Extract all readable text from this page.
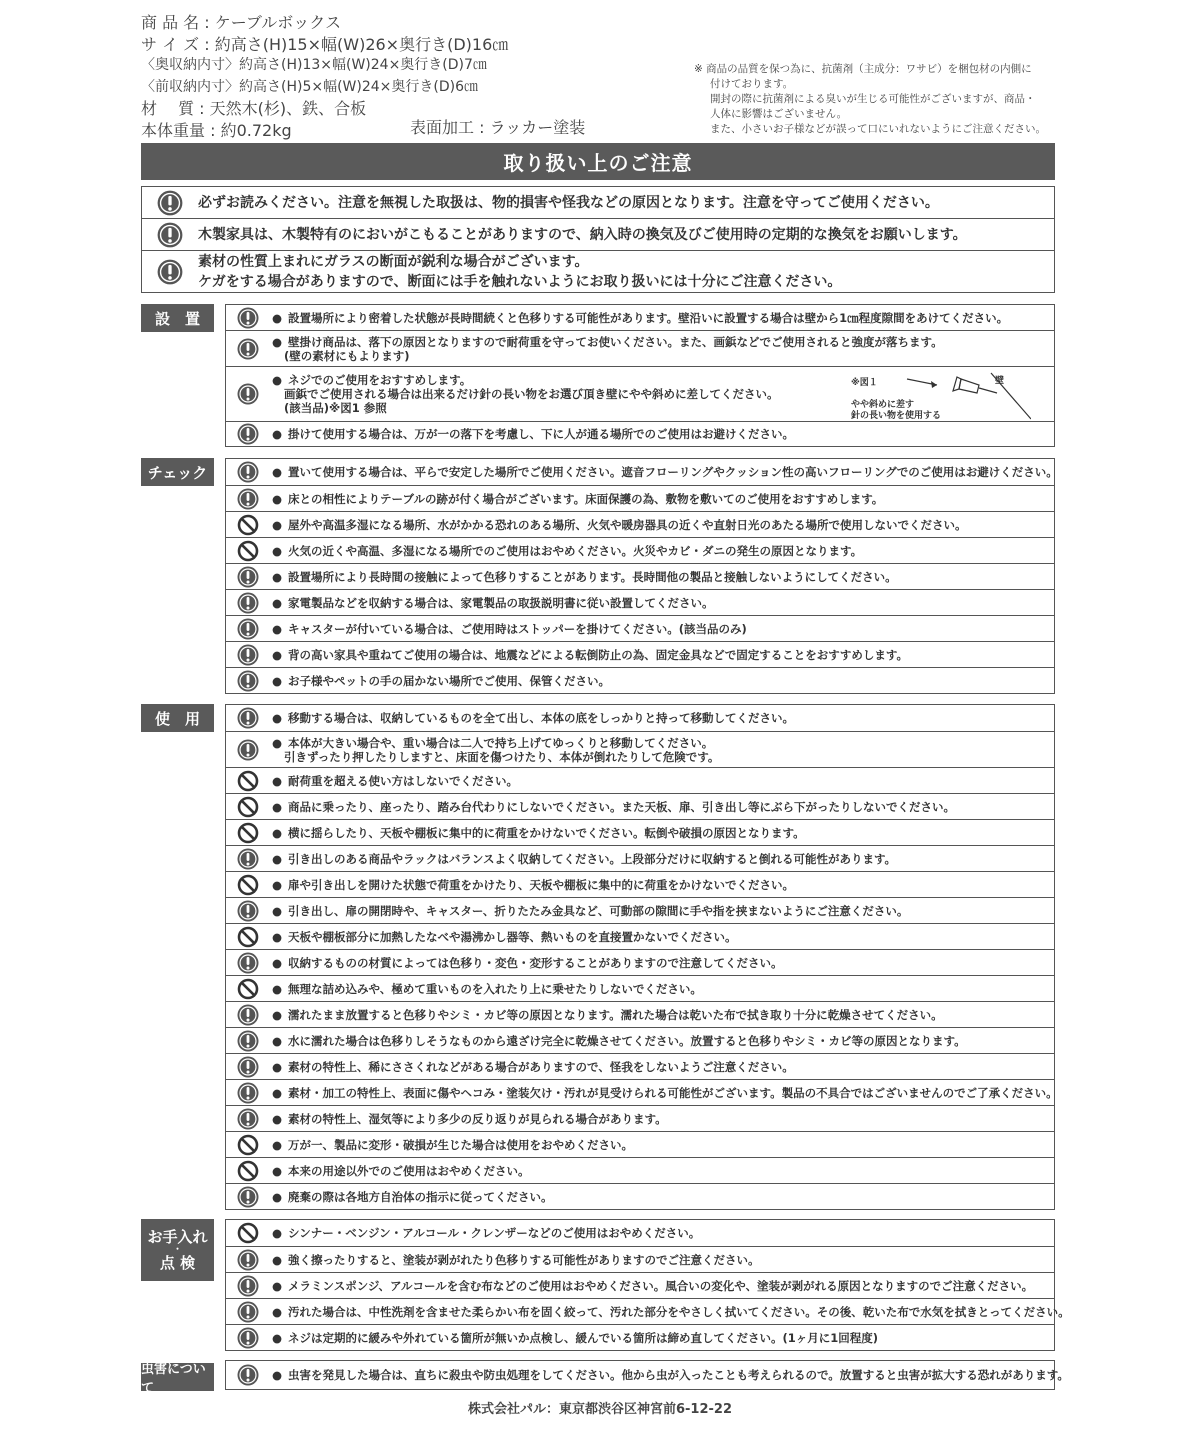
商 品 名 : ケーブルボックス
サ イ ズ : 約高さ(H)15×幅(W)26×奥行き(D)16㎝
〈奥収納内寸〉約高さ(H)13×幅(W)24×奥行き(D)7㎝
〈前収納内寸〉約高さ(H)5×幅(W)24×奥行き(D)6㎝
材　 質 : 天然木(杉)、鉄、合板
本体重量 : 約0.72kg	表面加工 : ラッカー塗装
※ 商品の品質を保つ為に、抗菌剤（主成分：ワサビ）を梱包材の内側に
付けております。
開封の際に抗菌剤による臭いが生じる可能性がございますが、商品・
人体に影響はございません。
また、小さいお子様などが誤って口にいれないようにご注意ください。
取り扱い上のご注意
必ずお読みください。注意を無視した取扱は、物的損害や怪我などの原因となります。注意を守ってご使用ください。
木製家具は、木製特有のにおいがこもることがありますので、納入時の換気及びご使用時の定期的な換気をお願いします。
素材の性質上まれにガラスの断面が鋭利な場合がございます。
ケガをする場合がありますので、断面には手を触れないようにお取り扱いには十分にご注意ください。
設　置	● 設置場所により密着した状態が長時間続くと色移りする可能性があります。壁沿いに設置する場合は壁から1㎝程度隙間をあけてください。
● 壁掛け商品は、落下の原因となりますので耐荷重を守ってお使いください。また、画鋲などでご使用されると強度が落ちます。
(壁の素材にもよります)
● ネジでのご使用をおすすめします。
画鋲でご使用される場合は出来るだけ針の長い物をお選び頂き壁にやや斜めに差してください。
(該当品)※図1 参照
※図１	壁
やや斜めに差す
針の長い物を使用する
● 掛けて使用する場合は、万が一の落下を考慮し、下に人が通る場所でのご使用はお避けください。
チェック	● 置いて使用する場合は、平らで安定した場所でご使用ください。遮音フローリングやクッション性の高いフローリングでのご使用はお避けください。
● 床との相性によりテーブルの跡が付く場合がございます。床面保護の為、敷物を敷いてのご使用をおすすめします。
● 屋外や高温多湿になる場所、水がかかる恐れのある場所、火気や暖房器具の近くや直射日光のあたる場所で使用しないでください。
● 火気の近くや高温、多湿になる場所でのご使用はおやめください。火災やカビ・ダニの発生の原因となります。
● 設置場所により長時間の接触によって色移りすることがあります。長時間他の製品と接触しないようにしてください。
● 家電製品などを収納する場合は、家電製品の取扱説明書に従い設置してください。
● キャスターが付いている場合は、ご使用時はストッパーを掛けてください。(該当品のみ)
● 背の高い家具や重ねてご使用の場合は、地震などによる転倒防止の為、固定金具などで固定することをおすすめします。
● お子様やペットの手の届かない場所でご使用、保管ください。
使　用	● 移動する場合は、収納しているものを全て出し、本体の底をしっかりと持って移動してください。
● 本体が大きい場合や、重い場合は二人で持ち上げてゆっくりと移動してください。
引きずったり押したりしますと、床面を傷つけたり、本体が倒れたりして危険です。
● 耐荷重を超える使い方はしないでください。
● 商品に乗ったり、座ったり、踏み台代わりにしないでください。また天板、扉、引き出し等にぶら下がったりしないでください。
● 横に揺らしたり、天板や棚板に集中的に荷重をかけないでください。転倒や破損の原因となります。
● 引き出しのある商品やラックはバランスよく収納してください。上段部分だけに収納すると倒れる可能性があります。
● 扉や引き出しを開けた状態で荷重をかけたり、天板や棚板に集中的に荷重をかけないでください。
● 引き出し、扉の開閉時や、キャスター、折りたたみ金具など、可動部の隙間に手や指を挟まないようにご注意ください。
● 天板や棚板部分に加熱したなべや湯沸かし器等、熱いものを直接置かないでください。
● 収納するものの材質によっては色移り・変色・変形することがありますので注意してください。
● 無理な詰め込みや、極めて重いものを入れたり上に乗せたりしないでください。
● 濡れたまま放置すると色移りやシミ・カビ等の原因となります。濡れた場合は乾いた布で拭き取り十分に乾燥させてください。
● 水に濡れた場合は色移りしそうなものから遠ざけ完全に乾燥させてください。放置すると色移りやシミ・カビ等の原因となります。
● 素材の特性上、稀にささくれなどがある場合がありますので、怪我をしないようご注意ください。
● 素材・加工の特性上、表面に傷やヘコみ・塗装欠け・汚れが見受けられる可能性がございます。製品の不具合ではございませんのでご了承ください。
● 素材の特性上、湿気等により多少の反り返りが見られる場合があります。
● 万が一、製品に変形・破損が生じた場合は使用をおやめください。
● 本来の用途以外でのご使用はおやめください。
● 廃棄の際は各地方自治体の指示に従ってください。
お手入れ
・
点 検
● シンナー・ベンジン・アルコール・クレンザーなどのご使用はおやめください。
● 強く擦ったりすると、塗装が剥がれたり色移りする可能性がありますのでご注意ください。
● メラミンスポンジ、アルコールを含む布などのご使用はおやめください。風合いの変化や、塗装が剥がれる原因となりますのでご注意ください。
● 汚れた場合は、中性洗剤を含ませた柔らかい布を固く絞って、汚れた部分をやさしく拭いてください。その後、乾いた布で水気を拭きとってください。
● ネジは定期的に緩みや外れている箇所が無いか点検し、緩んでいる箇所は締め直してください。(1ヶ月に1回程度)
虫害について
● 虫害を発見した場合は、直ちに殺虫や防虫処理をしてください。他から虫が入ったことも考えられるので。放置すると虫害が拡大する恐れがあります。
株式会社パル：東京都渋谷区神宮前6-12-22
